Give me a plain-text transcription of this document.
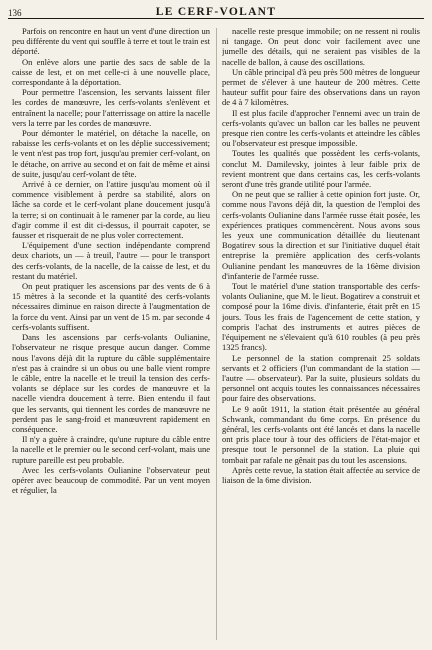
136	LE CERF-VOLANT

Parfois on rencontre en haut un vent d'une direction un peu différente du vent qui souffle à terre et tout le train est déporté.

On enlève alors une partie des sacs de sable de la caisse de lest, et on met celle-ci à une nouvelle place, correspondante à la déportation.

Pour permettre l'ascension, les servants laissent filer les cordes de manœuvre, les cerfs-volants s'enlèvent et entraînent la nacelle; pour l'atterrissage on attire la nacelle vers la terre par les cordes de manœuvre.

Pour démonter le matériel, on détache la nacelle, on rabaisse les cerfs-volants et on les déplie successivement; le vent n'est pas trop fort, jusqu'au premier cerf-volant, on le détache, on arrive au second et on fait de même et ainsi de suite, jusqu'au cerf-volant de tête.

Arrivé à ce dernier, on l'attire jusqu'au moment où il commence visiblement à perdre sa stabilité, alors on lâche sa corde et le cerf-volant plane doucement jusqu'à la terre; si on continuait à le ramener par la corde, au lieu d'agir comme il est dit ci-dessus, il pourrait capoter, se fausser et risquerait de ne plus voler correctement.

L'équipement d'une section indépendante comprend deux chariots, un — à treuil, l'autre — pour le transport des cerfs-volants, de la nacelle, de la caisse de lest, et du restant du matériel.

On peut pratiquer les ascensions par des vents de 6 à 15 mètres à la seconde et la quantité des cerfs-volants nécessaires diminue en raison directe à l'augmentation de la force du vent. Ainsi par un vent de 15 m. par seconde 4 cerfs-volants suffisent.

Dans les ascensions par cerfs-volants Oulianine, l'observateur ne risque presque aucun danger. Comme nous l'avons déjà dit la rupture du câble supplémentaire n'est pas à craindre si un obus ou une balle vient rompre le câble, entre la nacelle et le treuil la tension des cerfs-volants se déplace sur les cordes de manœuvre et la nacelle viendra doucement à terre. Bien entendu il faut que les servants, qui tiennent les cordes de manœuvre ne perdent pas le sang-froid et manœuvrent rapidement en conséquence.

Il n'y a guère à craindre, qu'une rupture du câble entre la nacelle et le premier ou le second cerf-volant, mais une rupture pareille est peu probable.

Avec les cerfs-volants Oulianine l'observateur peut opérer avec beaucoup de commodité. Par un vent moyen et régulier, la

nacelle reste presque immobile; on ne ressent ni roulis ni tangage. On peut donc voir facilement avec une jumelle des détails, qui ne seraient pas visibles de la nacelle de ballon, à cause des oscillations.

Un câble principal d'à peu près 500 mètres de longueur permet de s'élever à une hauteur de 200 mètres. Cette hauteur suffit pour faire des observations dans un rayon de 4 à 7 kilomètres.

Il est plus facile d'approcher l'ennemi avec un train de cerfs-volants qu'avec un ballon car les balles ne peuvent presque rien contre les cerfs-volants et atteindre les câbles ou l'observateur est presque impossible.

Toutes les qualités que possèdent les cerfs-volants, conclut M. Damilevsky, jointes à leur faible prix de revient montrent que dans certains cas, les cerfs-volants seront d'une très grande utilité pour l'armée.

On ne peut que se rallier à cette opinion fort juste. Or, comme nous l'avons déjà dit, la question de l'emploi des cerfs-volants Oulianine dans l'armée russe était posée, les expériences pratiques commencèrent. Nous avons sous les yeux une communication détaillée du lieutenant Bogatirev sous la direction et sur l'initiative duquel était entreprise la première application des cerfs-volants Oulianine pendant les manœuvres de la 16ème division d'infanterie de l'armée russe.

Tout le matériel d'une station transportable des cerfs-volants Oulianine, que M. le lieut. Bogatirev a construit et composé pour la 16me divis. d'infanterie, était prêt en 15 jours. Tous les frais de l'agencement de cette station, y compris l'achat des instruments et autres pièces de l'équipement ne s'élevaient qu'à 610 roubles (à peu près 1325 francs).

Le personnel de la station comprenait 25 soldats servants et 2 officiers (l'un commandant de la station — l'autre — observateur). Par la suite, plusieurs soldats du personnel ont acquis toutes les connaissances nécessaires pour faire des observations.

Le 9 août 1911, la station était présentée au général Schwank, commandant du 6me corps. En présence du général, les cerfs-volants ont été lancés et dans la nacelle ont pris place tour à tour des officiers de l'état-major et presque tout le personnel de la station. La pluie qui tombait par rafale ne gênait pas du tout les ascensions.

Après cette revue, la station était affectée au service de liaison de la 6me division.
